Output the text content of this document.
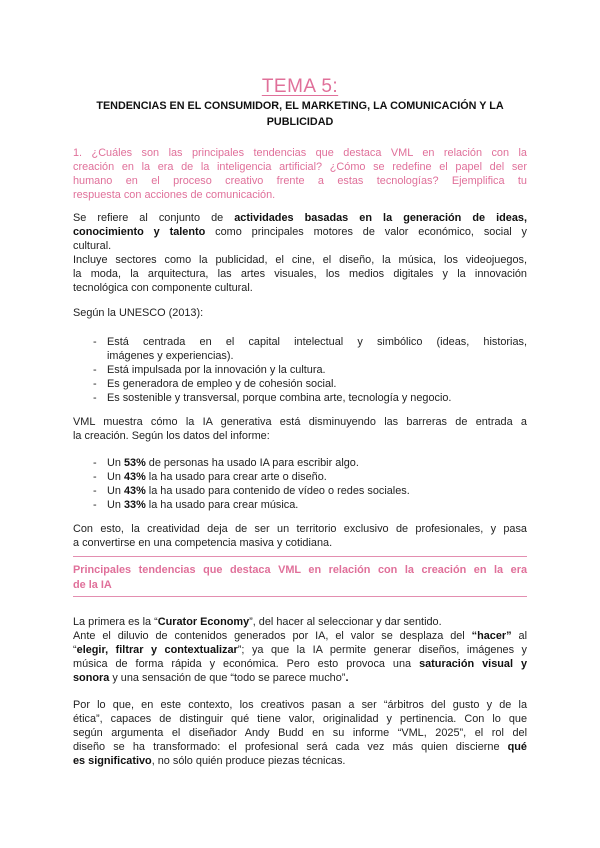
TEMA 5:
TENDENCIAS EN EL CONSUMIDOR, EL MARKETING, LA COMUNICACIÓN Y LA PUBLICIDAD
1. ¿Cuáles son las principales tendencias que destaca VML en relación con la
creación en la era de la inteligencia artificial? ¿Cómo se redefine el papel del ser
humano en el proceso creativo frente a estas tecnologías? Ejemplifica tu
respuesta con acciones de comunicación.
Se refiere al conjunto de actividades basadas en la generación de ideas,
conocimiento y talento como principales motores de valor económico, social y
cultural.
Incluye sectores como la publicidad, el cine, el diseño, la música, los videojuegos,
la moda, la arquitectura, las artes visuales, los medios digitales y la innovación
tecnológica con componente cultural.
Según la UNESCO (2013):
- Está centrada en el capital intelectual y simbólico (ideas, historias,
imágenes y experiencias).
- Está impulsada por la innovación y la cultura.
- Es generadora de empleo y de cohesión social.
- Es sostenible y transversal, porque combina arte, tecnología y negocio.
VML muestra cómo la IA generativa está disminuyendo las barreras de entrada a
la creación. Según los datos del informe:
- Un 53% de personas ha usado IA para escribir algo.
- Un 43% la ha usado para crear arte o diseño.
- Un 43% la ha usado para contenido de vídeo o redes sociales.
- Un 33% la ha usado para crear música.
Con esto, la creatividad deja de ser un territorio exclusivo de profesionales, y pasa
a convertirse en una competencia masiva y cotidiana.
Principales tendencias que destaca VML en relación con la creación en la era
de la IA
La primera es la “Curator Economy”, del hacer al seleccionar y dar sentido.
Ante el diluvio de contenidos generados por IA, el valor se desplaza del “hacer” al
“elegir, filtrar y contextualizar”; ya que la IA permite generar diseños, imágenes y
música de forma rápida y económica. Pero esto provoca una saturación visual y
sonora y una sensación de que “todo se parece mucho”.
Por lo que, en este contexto, los creativos pasan a ser “árbitros del gusto y de la
ética”, capaces de distinguir qué tiene valor, originalidad y pertinencia. Con lo que
según argumenta el diseñador Andy Budd en su informe “VML, 2025”, el rol del
diseño se ha transformado: el profesional será cada vez más quien discierne qué
es significativo, no sólo quién produce piezas técnicas.
